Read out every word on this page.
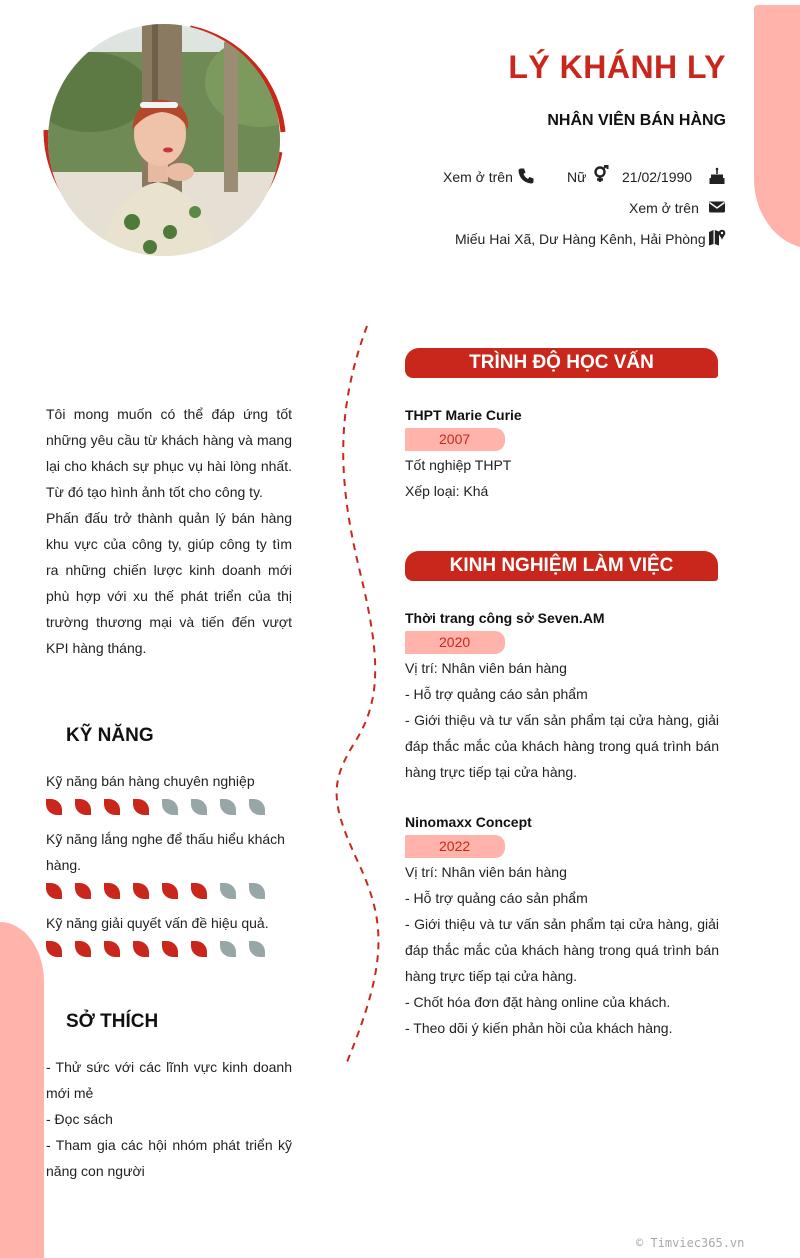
LÝ KHÁNH LY
NHÂN VIÊN BÁN HÀNG
Xem ở trên	Nữ	21/02/1990
Xem ở trên
Miếu Hai Xã, Dư Hàng Kênh, Hải Phòng

Tôi mong muốn có thể đáp ứng tốt những yêu cầu từ khách hàng và mang lại cho khách sự phục vụ hài lòng nhất. Từ đó tạo hình ảnh tốt cho công ty.

Phấn đấu trở thành quản lý bán hàng khu vực của công ty, giúp công ty tìm ra những chiến lược kinh doanh mới phù hợp với xu thế phát triển của thị trường thương mại và tiến đến vượt KPI hàng tháng.

KỸ NĂNG
Kỹ năng bán hàng chuyên nghiệp
Kỹ năng lắng nghe để thấu hiểu khách hàng.
Kỹ năng giải quyết vấn đề hiệu quả.
SỞ THÍCH
- Thử sức với các lĩnh vực kinh doanh mới mẻ
- Đọc sách
- Tham gia các hội nhóm phát triển kỹ năng con người
TRÌNH ĐỘ HỌC VẤN
THPT Marie Curie
2007
Tốt nghiệp THPT
Xếp loại: Khá
KINH NGHIỆM LÀM VIỆC
Thời trang công sở Seven.AM
2020
Vị trí: Nhân viên bán hàng
- Hỗ trợ quảng cáo sản phẩm
- Giới thiệu và tư vấn sản phẩm tại cửa hàng, giải đáp thắc mắc của khách hàng trong quá trình bán hàng trực tiếp tại cửa hàng.
Ninomaxx Concept
2022
Vị trí: Nhân viên bán hàng
- Hỗ trợ quảng cáo sản phẩm
- Giới thiệu và tư vấn sản phẩm tại cửa hàng, giải đáp thắc mắc của khách hàng trong quá trình bán hàng trực tiếp tại cửa hàng.
- Chốt hóa đơn đặt hàng online của khách.
- Theo dõi ý kiến phản hồi của khách hàng.
© Timviec365.vn
